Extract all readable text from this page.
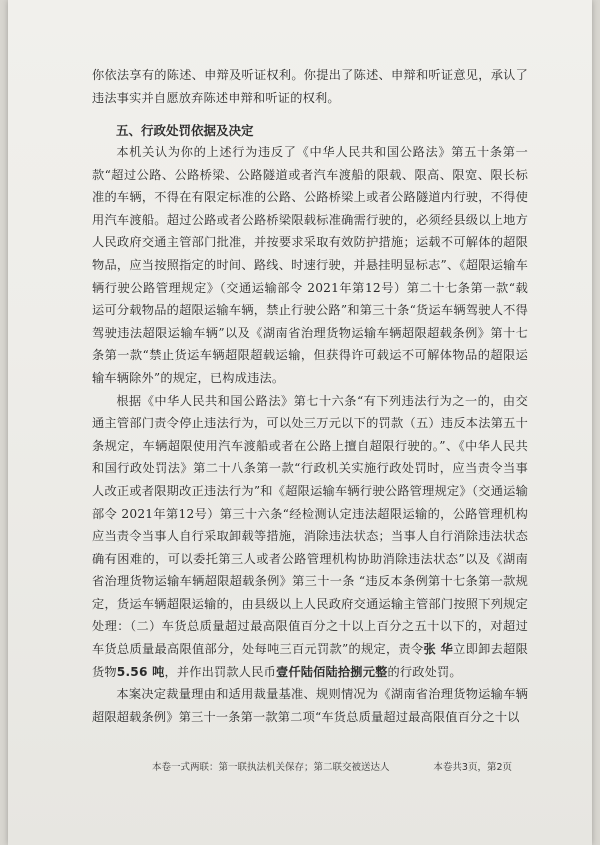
你依法享有的陈述、申辩及听证权利。你提出了陈述、申辩和听证意见，承认了违法事实并自愿放弃陈述申辩和听证的权利。

五、行政处罚依据及决定

本机关认为你的上述行为违反了《中华人民共和国公路法》第五十条第一款“超过公路、公路桥梁、公路隧道或者汽车渡船的限载、限高、限宽、限长标准的车辆，不得在有限定标准的公路、公路桥梁上或者公路隧道内行驶，不得使用汽车渡船。超过公路或者公路桥梁限载标准确需行驶的，必须经县级以上地方人民政府交通主管部门批准，并按要求采取有效防护措施；运载不可解体的超限物品，应当按照指定的时间、路线、时速行驶，并悬挂明显标志”、《超限运输车辆行驶公路管理规定》（交通运输部令 2021年第12号）第二十七条第一款“载运可分载物品的超限运输车辆，禁止行驶公路”和第三十条“货运车辆驾驶人不得驾驶违法超限运输车辆”以及《湖南省治理货物运输车辆超限超载条例》第十七条第一款“禁止货运车辆超限超载运输，但获得许可载运不可解体物品的超限运输车辆除外”的规定，已构成违法。

根据《中华人民共和国公路法》第七十六条“有下列违法行为之一的，由交通主管部门责令停止违法行为，可以处三万元以下的罚款（五）违反本法第五十条规定，车辆超限使用汽车渡船或者在公路上擅自超限行驶的。”、《中华人民共和国行政处罚法》第二十八条第一款“行政机关实施行政处罚时，应当责令当事人改正或者限期改正违法行为”和《超限运输车辆行驶公路管理规定》（交通运输部令 2021年第12号）第三十六条“经检测认定违法超限运输的，公路管理机构应当责令当事人自行采取卸载等措施，消除违法状态；当事人自行消除违法状态确有困难的，可以委托第三人或者公路管理机构协助消除违法状态”以及《湖南省治理货物运输车辆超限超载条例》第三十一条 “违反本条例第十七条第一款规定，货运车辆超限运输的，由县级以上人民政府交通运输主管部门按照下列规定处理：（二）车货总质量超过最高限值百分之十以上百分之五十以下的，对超过车货总质量最高限值部分，处每吨三百元罚款”的规定，责令张 华立即卸去超限货物5.56 吨，并作出罚款人民币壹仟陆佰陆拾捌元整的行政处罚。

本案决定裁量理由和适用裁量基准、规则情况为《湖南省治理货物运输车辆超限超载条例》第三十一条第一款第二项“车货总质量超过最高限值百分之十以

本卷一式两联：第一联执法机关保存；第二联交被送达人	本卷共3页，第2页
